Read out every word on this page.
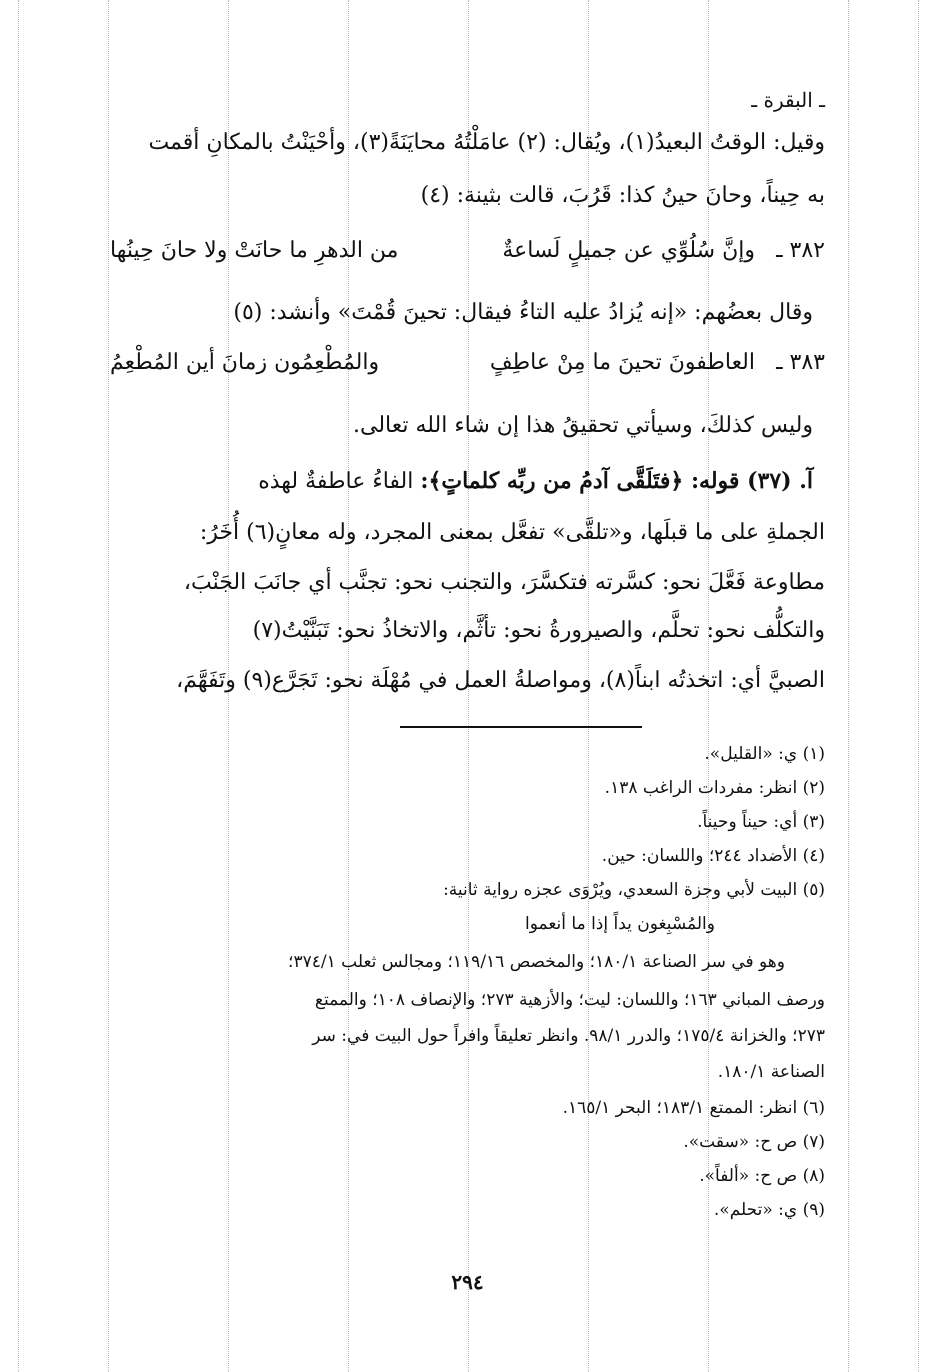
ـ البقرة ـ
وقيل: الوقتُ البعيدُ(١)، ويُقال: (٢) عامَلْتُهُ محايَنَةً(٣)، وأحْيَنْتُ بالمكانِ أقمت
به حِيناً، وحانَ حينُ كذا: قَرُبَ، قالت بثينة: (٤)
٣٨٢ ـ
وإنَّ سُلُوِّي عن جميلٍ لَساعةٌ
من الدهرِ ما حانَتْ ولا حانَ حِينُها
وقال بعضُهم: «إنه يُزادُ عليه التاءُ فيقال: تحينَ قُمْتَ» وأنشد: (٥)
٣٨٣ ـ
العاطفونَ تحينَ ما مِنْ عاطِفٍ
والمُطْعِمُون زمانَ أين المُطْعِمُ
وليس كذلكَ، وسيأتي تحقيقُ هذا إن شاء الله تعالى.
آ. (٣٧) قوله: ﴿فتَلَقَّى آدمُ من ربِّه كلماتٍ﴾: الفاءُ عاطفةٌ لهذه
الجملةِ على ما قبلَها، و«تلقَّى» تفعَّل بمعنى المجرد، وله معانٍ(٦) أُخَرُ:
مطاوعة فَعَّلَ نحو: كسَّرته فتكسَّرَ، والتجنب نحو: تجنَّب أي جانَبَ الجَنْبَ،
والتكلُّف نحو: تحلَّم، والصيرورةُ نحو: تأثَّم، والاتخاذُ نحو: تَبَنَّيْتُ(٧)
الصبيَّ أي: اتخذتُه ابناً(٨)، ومواصلةُ العمل في مُهْلَة نحو: تَجَرَّع(٩) وتَفَهَّمَ،
(١) ي: «القليل».
(٢) انظر: مفردات الراغب ١٣٨.
(٣) أي: حيناً وحيناً.
(٤) الأضداد ٢٤٤؛ واللسان: حين.
(٥) البيت لأبي وجزة السعدي، ويُرْوَى عجزه رواية ثانية:
والمُسْبِغون يداً إذا ما أنعموا
وهو في سر الصناعة ١٨٠/١؛ والمخصص ١١٩/١٦؛ ومجالس ثعلب ٣٧٤/١؛
ورصف المباني ١٦٣؛ واللسان: ليت؛ والأزهية ٢٧٣؛ والإنصاف ١٠٨؛ والممتع
٢٧٣؛ والخزانة ١٧٥/٤؛ والدرر ٩٨/١. وانظر تعليقاً وافراً حول البيت في: سر
الصناعة ١٨٠/١.
(٦) انظر: الممتع ١٨٣/١؛ البحر ١٦٥/١.
(٧) ص ح: «سقت».
(٨) ص ح: «ألفاً».
(٩) ي: «تحلم».
٢٩٤
